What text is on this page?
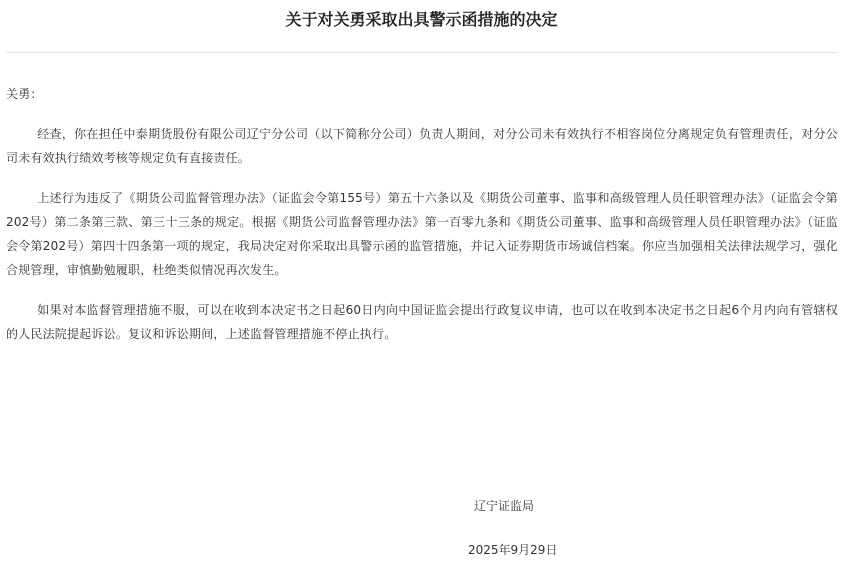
关于对关勇采取出具警示函措施的决定

关勇：

经查，你在担任中泰期货股份有限公司辽宁分公司（以下简称分公司）负责人期间，对分公司未有效执行不相容岗位分离规定负有管理责任，对分公司未有效执行绩效考核等规定负有直接责任。

上述行为违反了《期货公司监督管理办法》（证监会令第155号）第五十六条以及《期货公司董事、监事和高级管理人员任职管理办法》（证监会令第202号）第二条第三款、第三十三条的规定。根据《期货公司监督管理办法》第一百零九条和《期货公司董事、监事和高级管理人员任职管理办法》（证监会令第202号）第四十四条第一项的规定，我局决定对你采取出具警示函的监管措施，并记入证券期货市场诚信档案。你应当加强相关法律法规学习，强化合规管理，审慎勤勉履职，杜绝类似情况再次发生。

如果对本监督管理措施不服，可以在收到本决定书之日起60日内向中国证监会提出行政复议申请，也可以在收到本决定书之日起6个月内向有管辖权的人民法院提起诉讼。复议和诉讼期间，上述监督管理措施不停止执行。

辽宁证监局
2025年9月29日
